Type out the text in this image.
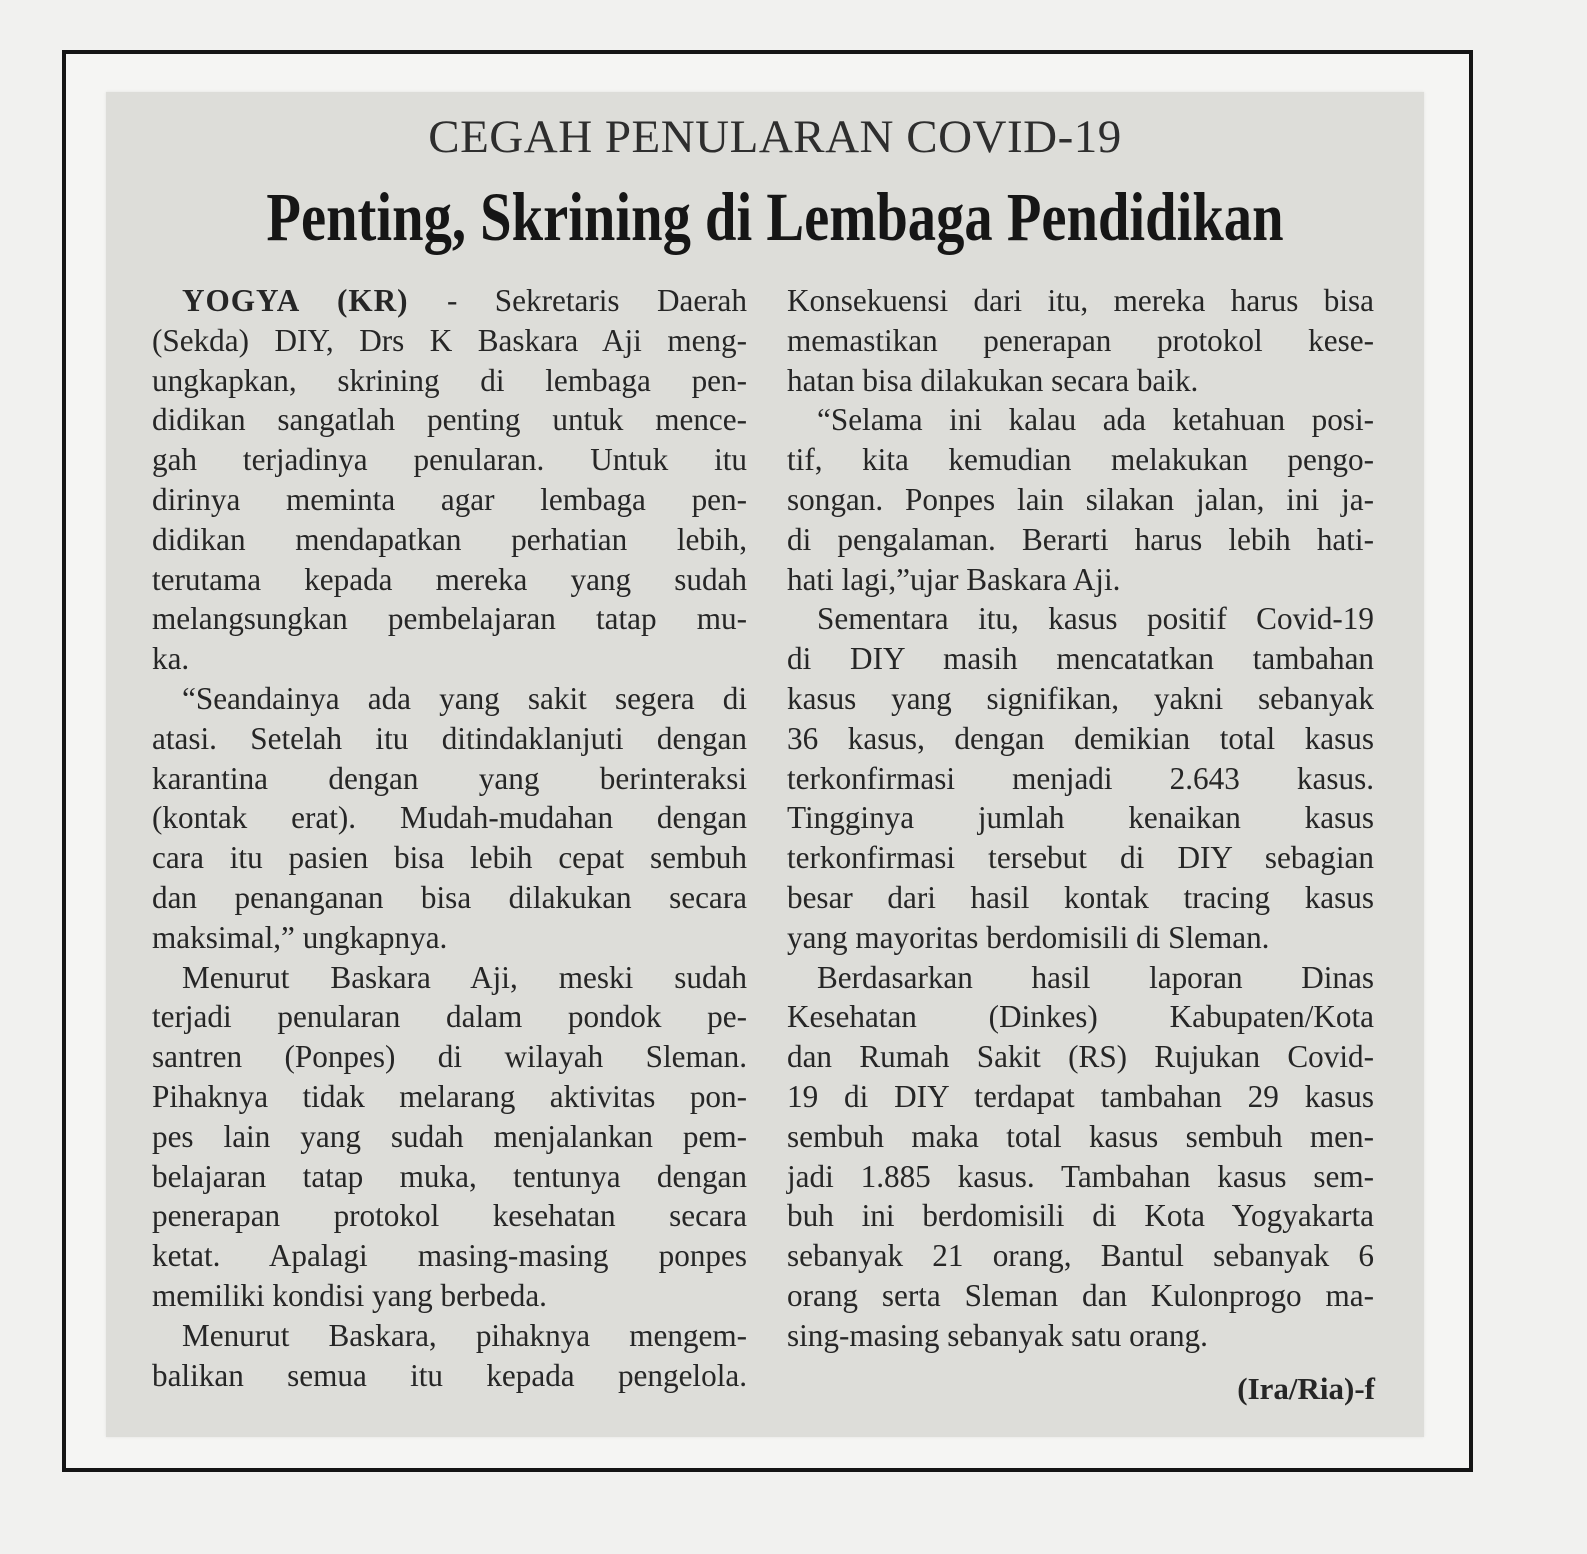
CEGAH PENULARAN COVID-19
Penting, Skrining di Lembaga Pendidikan
YOGYA (KR) - Sekretaris Daerah
(Sekda) DIY, Drs K Baskara Aji meng-
ungkapkan, skrining di lembaga pen-
didikan sangatlah penting untuk mence-
gah terjadinya penularan. Untuk itu
dirinya meminta agar lembaga pen-
didikan mendapatkan perhatian lebih,
terutama kepada mereka yang sudah
melangsungkan pembelajaran tatap mu-
ka.
“Seandainya ada yang sakit segera di
atasi. Setelah itu ditindaklanjuti dengan
karantina dengan yang berinteraksi
(kontak erat). Mudah-mudahan dengan
cara itu pasien bisa lebih cepat sembuh
dan penanganan bisa dilakukan secara
maksimal,” ungkapnya.
Menurut Baskara Aji, meski sudah
terjadi penularan dalam pondok pe-
santren (Ponpes) di wilayah Sleman.
Pihaknya tidak melarang aktivitas pon-
pes lain yang sudah menjalankan pem-
belajaran tatap muka, tentunya dengan
penerapan protokol kesehatan secara
ketat. Apalagi masing-masing ponpes
memiliki kondisi yang berbeda.
Menurut Baskara, pihaknya mengem-
balikan semua itu kepada pengelola.
Konsekuensi dari itu, mereka harus bisa
memastikan penerapan protokol kese-
hatan bisa dilakukan secara baik.
“Selama ini kalau ada ketahuan posi-
tif, kita kemudian melakukan pengo-
songan. Ponpes lain silakan jalan, ini ja-
di pengalaman. Berarti harus lebih hati-
hati lagi,”ujar Baskara Aji.
Sementara itu, kasus positif Covid-19
di DIY masih mencatatkan tambahan
kasus yang signifikan, yakni sebanyak
36 kasus, dengan demikian total kasus
terkonfirmasi menjadi 2.643 kasus.
Tingginya jumlah kenaikan kasus
terkonfirmasi tersebut di DIY sebagian
besar dari hasil kontak tracing kasus
yang mayoritas berdomisili di Sleman.
Berdasarkan hasil laporan Dinas
Kesehatan (Dinkes) Kabupaten/Kota
dan Rumah Sakit (RS) Rujukan Covid-
19 di DIY terdapat tambahan 29 kasus
sembuh maka total kasus sembuh men-
jadi 1.885 kasus. Tambahan kasus sem-
buh ini berdomisili di Kota Yogyakarta
sebanyak 21 orang, Bantul sebanyak 6
orang serta Sleman dan Kulonprogo ma-
sing-masing sebanyak satu orang.
(Ira/Ria)-f
